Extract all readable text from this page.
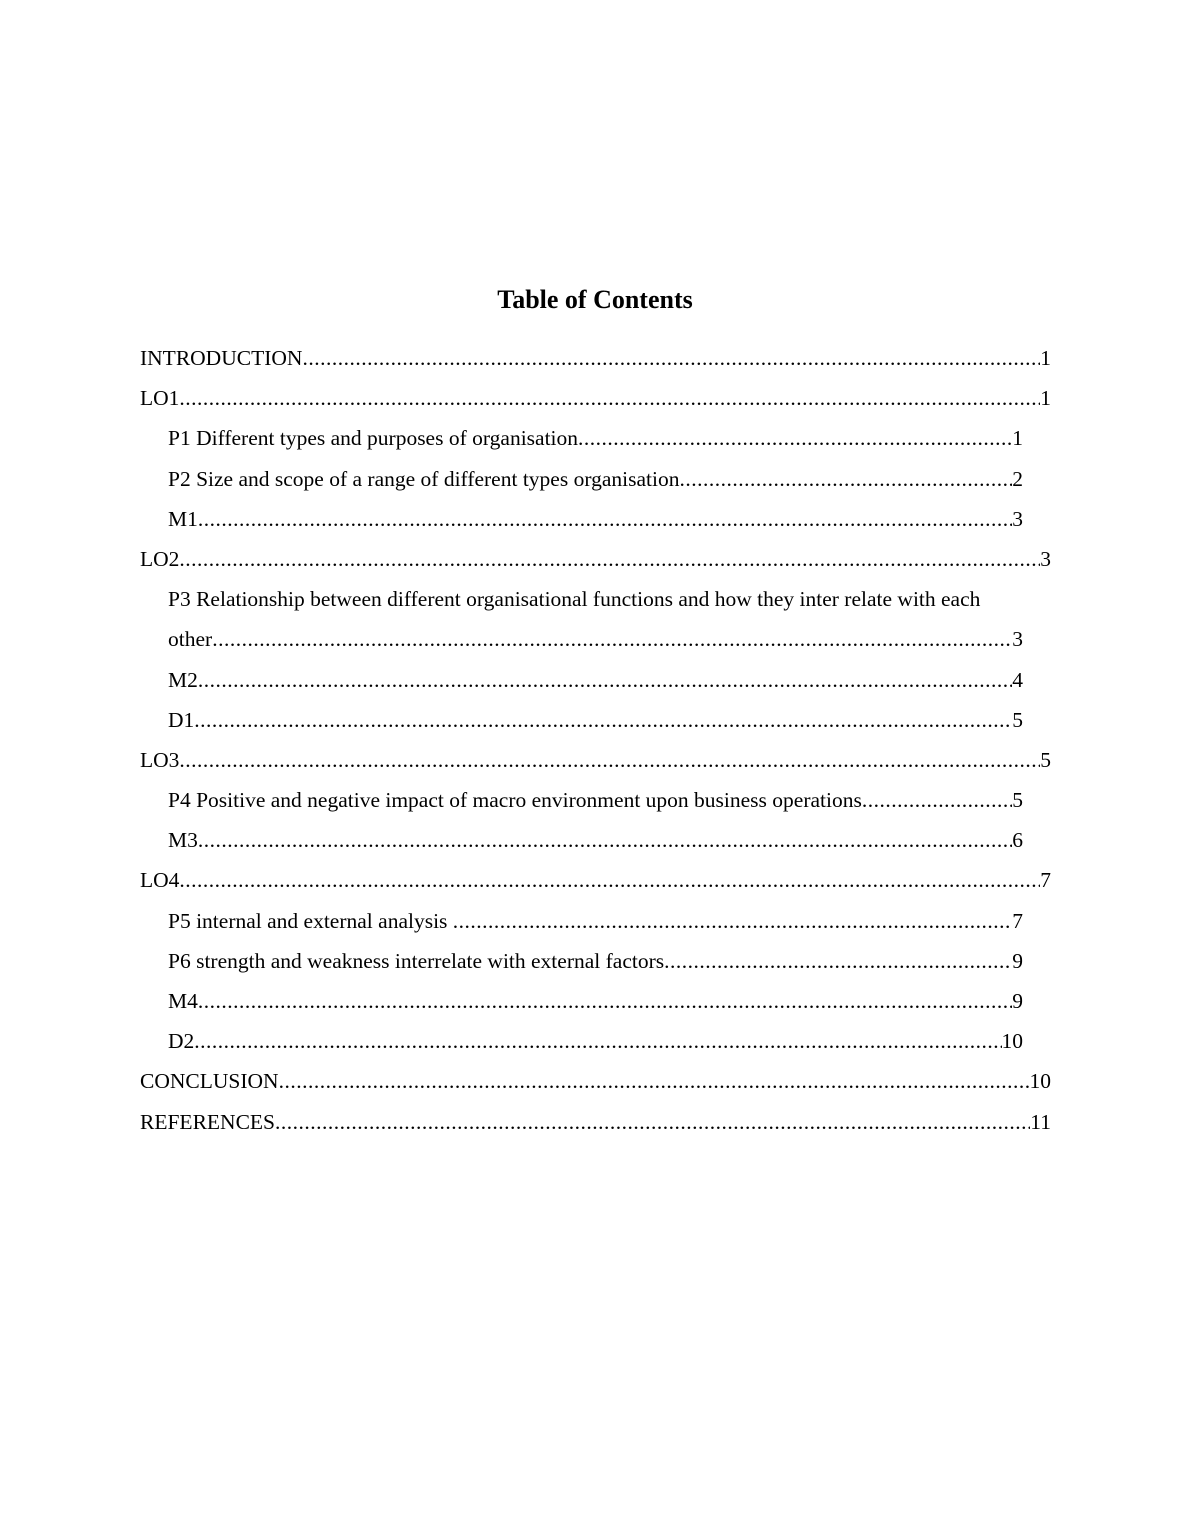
Table of Contents
INTRODUCTION .....	1
LO1 .....	1
P1 Different types and purposes of organisation .....	1
P2 Size and scope of a range of different types organisation .....	2
M1 .....	3
LO2 .....	3
P3 Relationship between different organisational functions and how they inter relate with each
other .....	3
M2 .....	4
D1 .....	5
LO3 .....	5
P4 Positive and negative impact of macro environment upon business operations .....	5
M3 .....	6
LO4 .....	7
P5 internal and external analysis .....	7
P6 strength and weakness interrelate with external factors .....	9
M4 .....	9
D2 .....	10
CONCLUSION .....	10
REFERENCES .....	11
